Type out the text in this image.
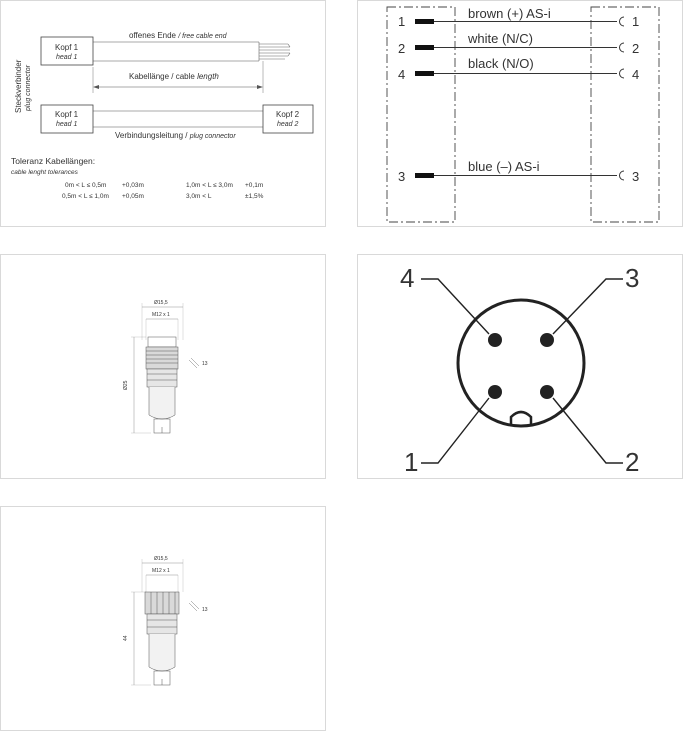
Steckverbinder plug connector
offenes Ende / free cable end
Kopf 1
head 1
Kabellänge / cable length
Kopf 1
head 1
Kopf 2
head 2
Verbindungsleitung / plug connector
Toleranz Kabellängen:
cable lenght tolerances
0m < L ≤ 0,5m +0,03m
0,5m < L ≤ 1,0m +0,05m
1,0m < L ≤ 3,0m +0,1m
3,0m < L	±1,5%
1
brown (+) AS-i
1
2
white (N/C)
2
4
black (N/O)
4
3
blue (–) AS-i
3
Ø15,5
M12 x 1
Ø25
13
4	3
1	2
Ø15,5
M12 x 1
44
13
